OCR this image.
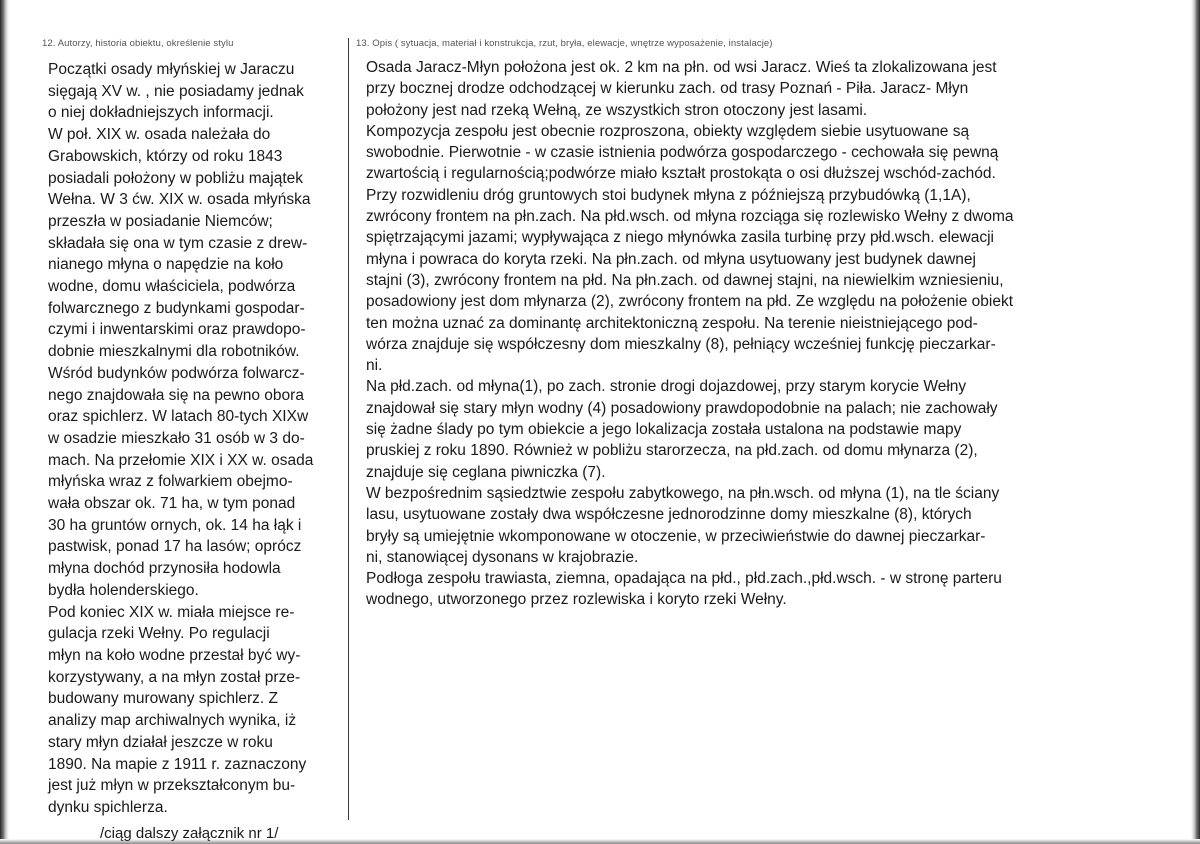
12. Autorzy, historia obiektu, określenie stylu	13. Opis ( sytuacja, materiał i konstrukcja, rzut, bryła, elewacje, wnętrze wyposażenie, instalacje)
Początki osady młyńskiej w Jaraczu
sięgają XV w. , nie posiadamy jednak
o niej dokładniejszych informacji.
W poł. XIX w. osada należała do
Grabowskich, którzy od roku 1843
posiadali położony w pobliżu majątek
Wełna. W 3 ćw. XIX w. osada młyńska
przeszła w posiadanie Niemców;
składała się ona w tym czasie z drew-
nianego młyna o napędzie na koło
wodne, domu właściciela, podwórza
folwarcznego z budynkami gospodar-
czymi i inwentarskimi oraz prawdopo-
dobnie mieszkalnymi dla robotników.
Wśród budynków podwórza folwarcz-
nego znajdowała się na pewno obora
oraz spichlerz. W latach 80-tych XIXw
w osadzie mieszkało 31 osób w 3 do-
mach. Na przełomie XIX i XX w. osada
młyńska wraz z folwarkiem obejmo-
wała obszar ok. 71 ha, w tym ponad
30 ha gruntów ornych, ok. 14 ha łąk i
pastwisk, ponad 17 ha lasów; oprócz
młyna dochód przynosiła hodowla
bydła holenderskiego.
Pod koniec XIX w. miała miejsce re-
gulacja rzeki Wełny. Po regulacji
młyn na koło wodne przestał być wy-
korzystywany, a na młyn został prze-
budowany murowany spichlerz. Z
analizy map archiwalnych wynika, iż
stary młyn działał jeszcze w roku
1890. Na mapie z 1911 r. zaznaczony
jest już młyn w przekształconym bu-
dynku spichlerza.
/ciąg dalszy załącznik nr 1/
Osada Jaracz-Młyn położona jest ok. 2 km na płn. od wsi Jaracz. Wieś ta zlokalizowana jest
przy bocznej drodze odchodzącej w kierunku zach. od trasy Poznań - Piła. Jaracz- Młyn
położony jest nad rzeką Wełną, ze wszystkich stron otoczony jest lasami.
Kompozycja zespołu jest obecnie rozproszona, obiekty względem siebie usytuowane są
swobodnie. Pierwotnie - w czasie istnienia podwórza gospodarczego - cechowała się pewną
zwartością i regularnością;podwórze miało kształt prostokąta o osi dłuższej wschód-zachód.
Przy rozwidleniu dróg gruntowych stoi budynek młyna z późniejszą przybudówką (1,1A),
zwrócony frontem na płn.zach. Na płd.wsch. od młyna rozciąga się rozlewisko Wełny z dwoma
spiętrzającymi jazami; wypływająca z niego młynówka zasila turbinę przy płd.wsch. elewacji
młyna i powraca do koryta rzeki. Na płn.zach. od młyna usytuowany jest budynek dawnej
stajni (3), zwrócony frontem na płd. Na płn.zach. od dawnej stajni, na niewielkim wzniesieniu,
posadowiony jest dom młynarza (2), zwrócony frontem na płd. Ze względu na położenie obiekt
ten można uznać za dominantę architektoniczną zespołu. Na terenie nieistniejącego pod-
wórza znajduje się współczesny dom mieszkalny (8), pełniący wcześniej funkcję pieczarkar-
ni.
Na płd.zach. od młyna(1), po zach. stronie drogi dojazdowej, przy starym korycie Wełny
znajdował się stary młyn wodny (4) posadowiony prawdopodobnie na palach; nie zachowały
się żadne ślady po tym obiekcie a jego lokalizacja została ustalona na podstawie mapy
pruskiej z roku 1890. Również w pobliżu starorzecza, na płd.zach. od domu młynarza (2),
znajduje się ceglana piwniczka (7).
W bezpośrednim sąsiedztwie zespołu zabytkowego, na płn.wsch. od młyna (1), na tle ściany
lasu, usytuowane zostały dwa współczesne jednorodzinne domy mieszkalne (8), których
bryły są umiejętnie wkomponowane w otoczenie, w przeciwieństwie do dawnej pieczarkar-
ni, stanowiącej dysonans w krajobrazie.
Podłoga zespołu trawiasta, ziemna, opadająca na płd., płd.zach.,płd.wsch. - w stronę parteru
wodnego, utworzonego przez rozlewiska i koryto rzeki Wełny.
